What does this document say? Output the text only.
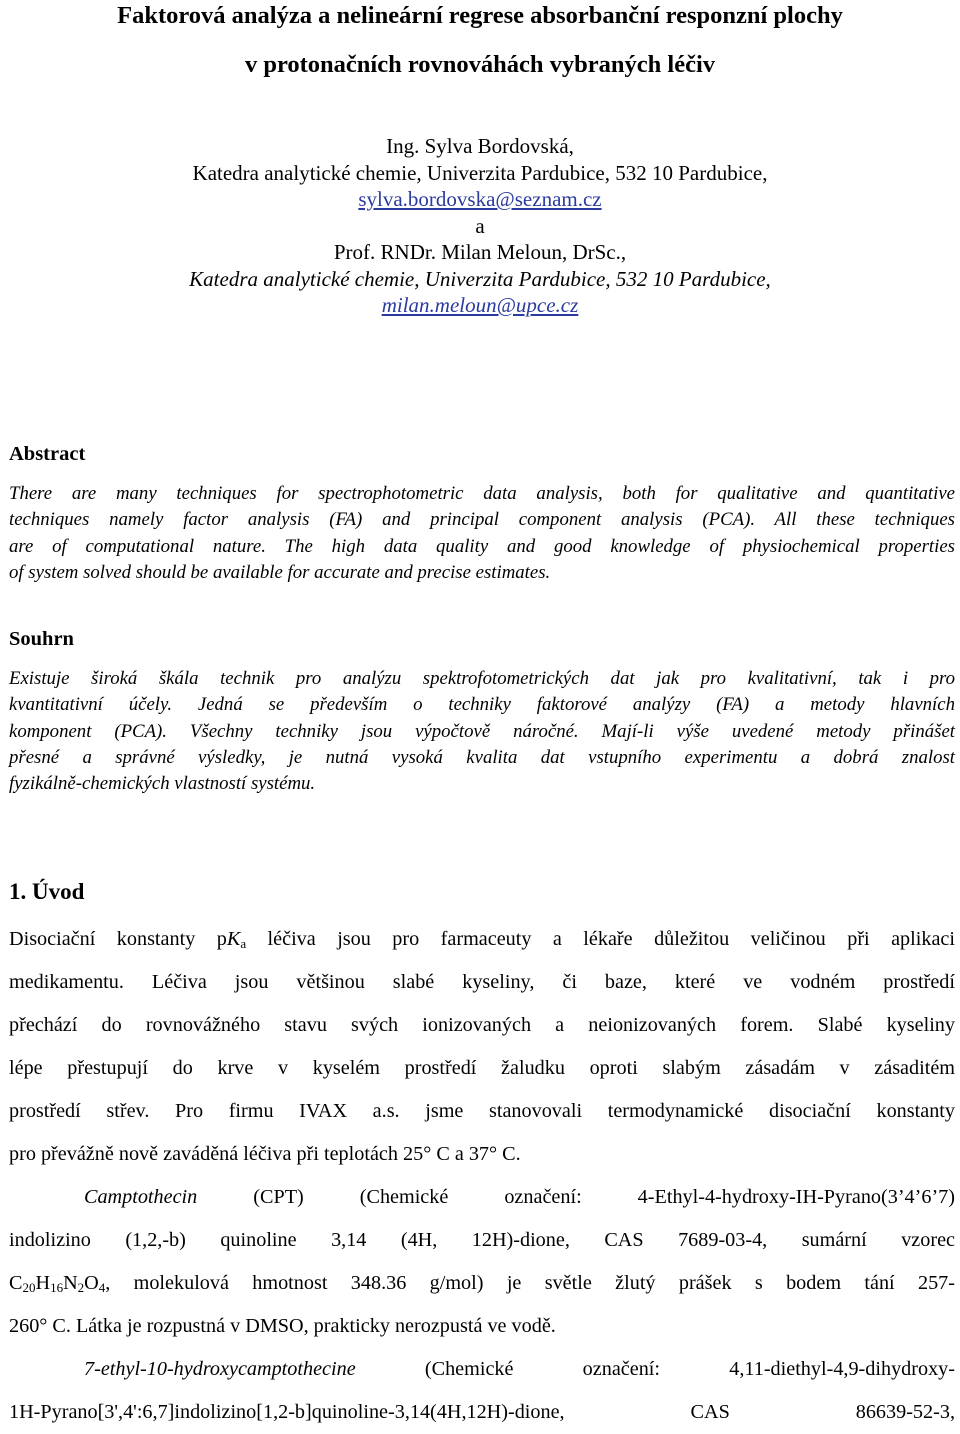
Faktorová analýza a nelineární regrese absorbanční responzní plochy
v protonačních rovnováhách vybraných léčiv
Ing. Sylva Bordovská,
Katedra analytické chemie, Univerzita Pardubice, 532 10 Pardubice,
sylva.bordovska@seznam.cz
a
Prof. RNDr. Milan Meloun, DrSc.,
Katedra analytické chemie, Univerzita Pardubice, 532 10 Pardubice,
milan.meloun@upce.cz
Abstract
There are many techniques for spectrophotometric data analysis, both for qualitative and quantitative
techniques namely factor analysis (FA) and principal component analysis (PCA). All these techniques
are of computational nature. The high data quality and good knowledge of physiochemical properties
of system solved should be available for accurate and precise estimates.
Souhrn
Existuje široká škála technik pro analýzu spektrofotometrických dat jak pro kvalitativní, tak i pro
kvantitativní účely. Jedná se především o techniky faktorové analýzy (FA) a metody hlavních
komponent (PCA). Všechny techniky jsou výpočtově náročné. Mají-li výše uvedené metody přinášet
přesné a správné výsledky, je nutná vysoká kvalita dat vstupního experimentu a dobrá znalost
fyzikálně-chemických vlastností systému.
1. Úvod
Disociační konstanty $pK_a$ léčiva jsou pro farmaceuty a lékaře důležitou veličinou při aplikaci
medikamentu. Léčiva jsou většinou slabé kyseliny, či baze, které ve vodném prostředí
přechází do rovnovážného stavu svých ionizovaných a neionizovaných forem. Slabé kyseliny
lépe přestupují do krve v kyselém prostředí žaludku oproti slabým zásadám v zásaditém
prostředí střev. Pro firmu IVAX a.s. jsme stanovovali termodynamické disociační konstanty
pro převážně nově zaváděná léčiva při teplotách 25° C a 37° C.
Camptothecin (CPT) (Chemické označení: 4-Ethyl-4-hydroxy-IH-Pyrano(3’4’6’7)
indolizino (1,2,-b) quinoline 3,14 (4H, 12H)-dione, CAS 7689-03-4, sumární vzorec
$C_{20}H_{16}N_2O_4$, molekulová hmotnost 348.36 g/mol) je světle žlutý prášek s bodem tání 257-
260° C. Látka je rozpustná v DMSO, prakticky nerozpustá ve vodě.
7-ethyl-10-hydroxycamptothecine (Chemické označení: 4,11-diethyl-4,9-dihydroxy-
1H-Pyrano[3',4':6,7]indolizino[1,2-b]quinoline-3,14(4H,12H)-dione, CAS 86639-52-3,
